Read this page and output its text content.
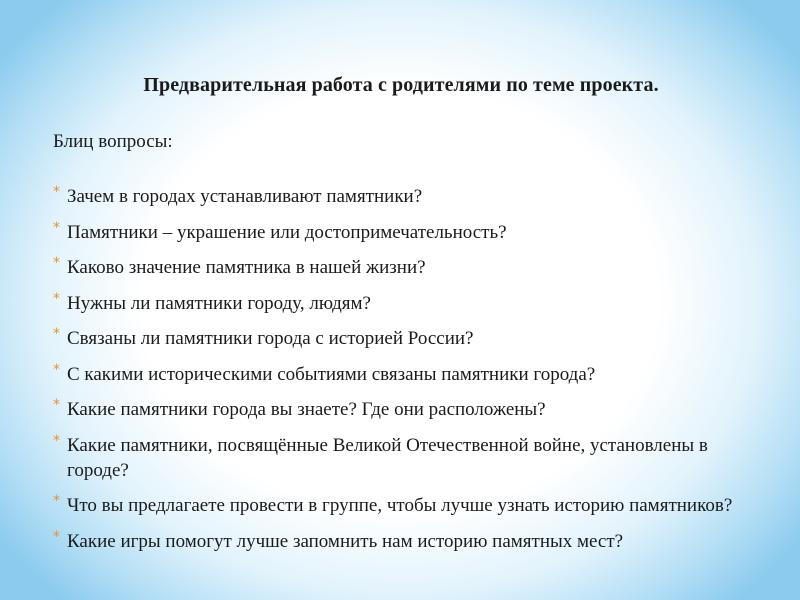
Предварительная работа с родителями по теме проекта.
Блиц вопросы:
* Зачем в городах устанавливают памятники?
* Памятники – украшение или достопримечательность?
* Каково значение памятника в нашей жизни?
* Нужны ли памятники городу, людям?
* Связаны ли памятники города с историей России?
* С какими историческими событиями связаны памятники города?
* Какие памятники города вы знаете? Где они расположены?
* Какие памятники, посвящённые Великой Отечественной войне, установлены в городе?
* Что вы предлагаете провести в группе, чтобы лучше узнать историю памятников?
* Какие игры помогут лучше запомнить нам историю памятных мест?
